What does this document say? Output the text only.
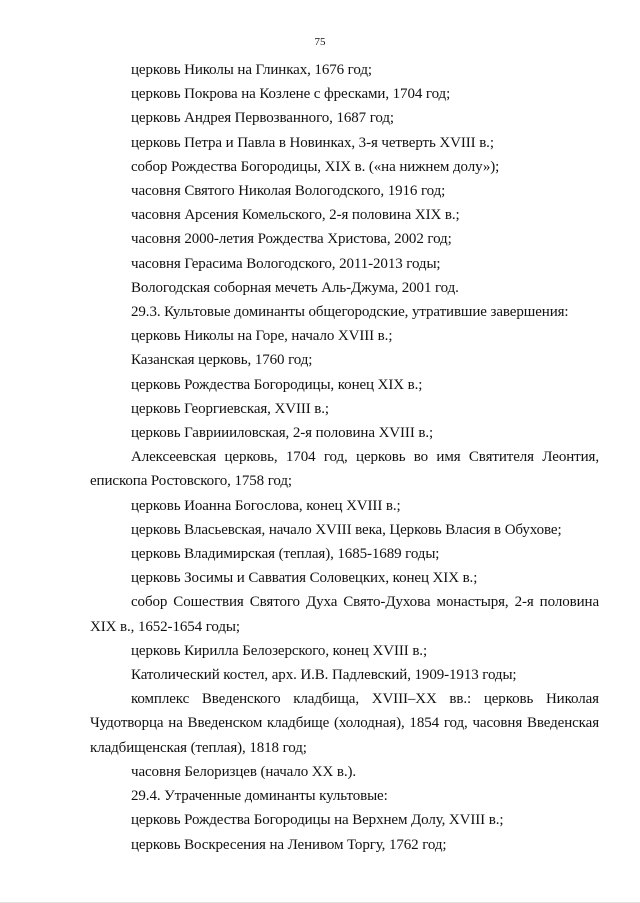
75
церковь Николы на Глинках, 1676 год;
церковь Покрова на Козлене с фресками, 1704 год;
церковь Андрея Первозванного, 1687 год;
церковь Петра и Павла в Новинках, 3-я четверть XVIII в.;
собор Рождества Богородицы, XIX в. («на нижнем долу»);
часовня Святого Николая Вологодского, 1916 год;
часовня Арсения Комельского, 2-я половина XIX в.;
часовня 2000-летия Рождества Христова, 2002 год;
часовня Герасима Вологодского, 2011-2013 годы;
Вологодская соборная мечеть Аль-Джума, 2001 год.
29.3. Культовые доминанты общегородские, утратившие завершения:
церковь Николы на Горе, начало XVIII в.;
Казанская церковь, 1760 год;
церковь Рождества Богородицы, конец XIX в.;
церковь Георгиевская, XVIII в.;
церковь Гавриииловская, 2-я половина XVIII в.;
Алексеевская церковь, 1704 год, церковь во имя Святителя Леонтия, епископа Ростовского, 1758 год;
церковь Иоанна Богослова, конец XVIII в.;
церковь Власьевская, начало XVIII века, Церковь Власия в Обухове;
церковь Владимирская (теплая), 1685-1689 годы;
церковь Зосимы и Савватия Соловецких, конец XIX в.;
собор Сошествия Святого Духа Свято-Духова монастыря, 2-я половина XIX в., 1652-1654 годы;
церковь Кирилла Белозерского, конец XVIII в.;
Католический костел, арх. И.В. Падлевский, 1909-1913 годы;
комплекс Введенского кладбища, XVIII–XX вв.: церковь Николая Чудотворца на Введенском кладбище (холодная), 1854 год, часовня Введенская кладбищенская (теплая), 1818 год;
часовня Белоризцев (начало XX в.).
29.4. Утраченные доминанты культовые:
церковь Рождества Богородицы на Верхнем Долу, XVIII в.;
церковь Воскресения на Ленивом Торгу, 1762 год;
